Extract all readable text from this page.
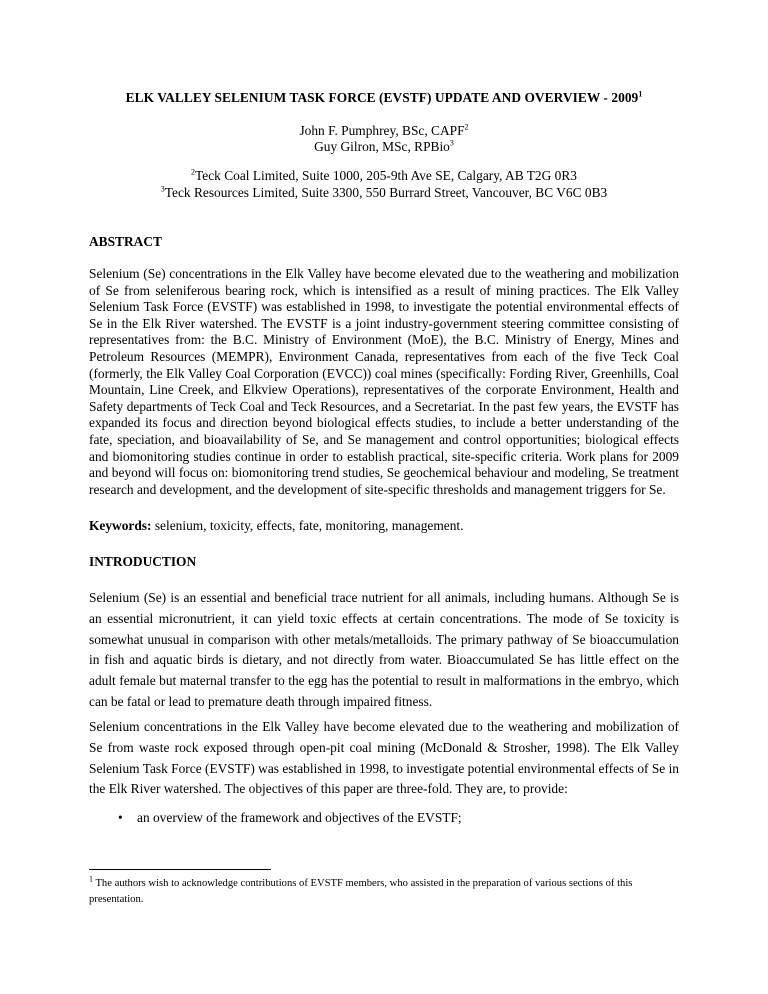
ELK VALLEY SELENIUM TASK FORCE (EVSTF) UPDATE AND OVERVIEW - 2009$^1$
John F. Pumphrey, BSc, CAPF$^2$
Guy Gilron, MSc, RPBio$^3$
$^2$Teck Coal Limited, Suite 1000, 205-9th Ave SE, Calgary, AB T2G 0R3
$^3$Teck Resources Limited, Suite 3300, 550 Burrard Street, Vancouver, BC V6C 0B3
ABSTRACT

Selenium (Se) concentrations in the Elk Valley have become elevated due to the weathering and mobilization of Se from seleniferous bearing rock, which is intensified as a result of mining practices. The Elk Valley Selenium Task Force (EVSTF) was established in 1998, to investigate the potential environmental effects of Se in the Elk River watershed. The EVSTF is a joint industry-government steering committee consisting of representatives from: the B.C. Ministry of Environment (MoE), the B.C. Ministry of Energy, Mines and Petroleum Resources (MEMPR), Environment Canada, representatives from each of the five Teck Coal (formerly, the Elk Valley Coal Corporation (EVCC)) coal mines (specifically: Fording River, Greenhills, Coal Mountain, Line Creek, and Elkview Operations), representatives of the corporate Environment, Health and Safety departments of Teck Coal and Teck Resources, and a Secretariat. In the past few years, the EVSTF has expanded its focus and direction beyond biological effects studies, to include a better understanding of the fate, speciation, and bioavailability of Se, and Se management and control opportunities; biological effects and biomonitoring studies continue in order to establish practical, site-specific criteria. Work plans for 2009 and beyond will focus on: biomonitoring trend studies, Se geochemical behaviour and modeling, Se treatment research and development, and the development of site-specific thresholds and management triggers for Se.

Keywords: selenium, toxicity, effects, fate, monitoring, management.
INTRODUCTION

Selenium (Se) is an essential and beneficial trace nutrient for all animals, including humans. Although Se is an essential micronutrient, it can yield toxic effects at certain concentrations. The mode of Se toxicity is somewhat unusual in comparison with other metals/metalloids. The primary pathway of Se bioaccumulation in fish and aquatic birds is dietary, and not directly from water. Bioaccumulated Se has little effect on the adult female but maternal transfer to the egg has the potential to result in malformations in the embryo, which can be fatal or lead to premature death through impaired fitness.

Selenium concentrations in the Elk Valley have become elevated due to the weathering and mobilization of Se from waste rock exposed through open-pit coal mining (McDonald & Strosher, 1998). The Elk Valley Selenium Task Force (EVSTF) was established in 1998, to investigate potential environmental effects of Se in the Elk River watershed. The objectives of this paper are three-fold. They are, to provide:

• an overview of the framework and objectives of the EVSTF;
$^1$ The authors wish to acknowledge contributions of EVSTF members, who assisted in the preparation of various sections of this presentation.
